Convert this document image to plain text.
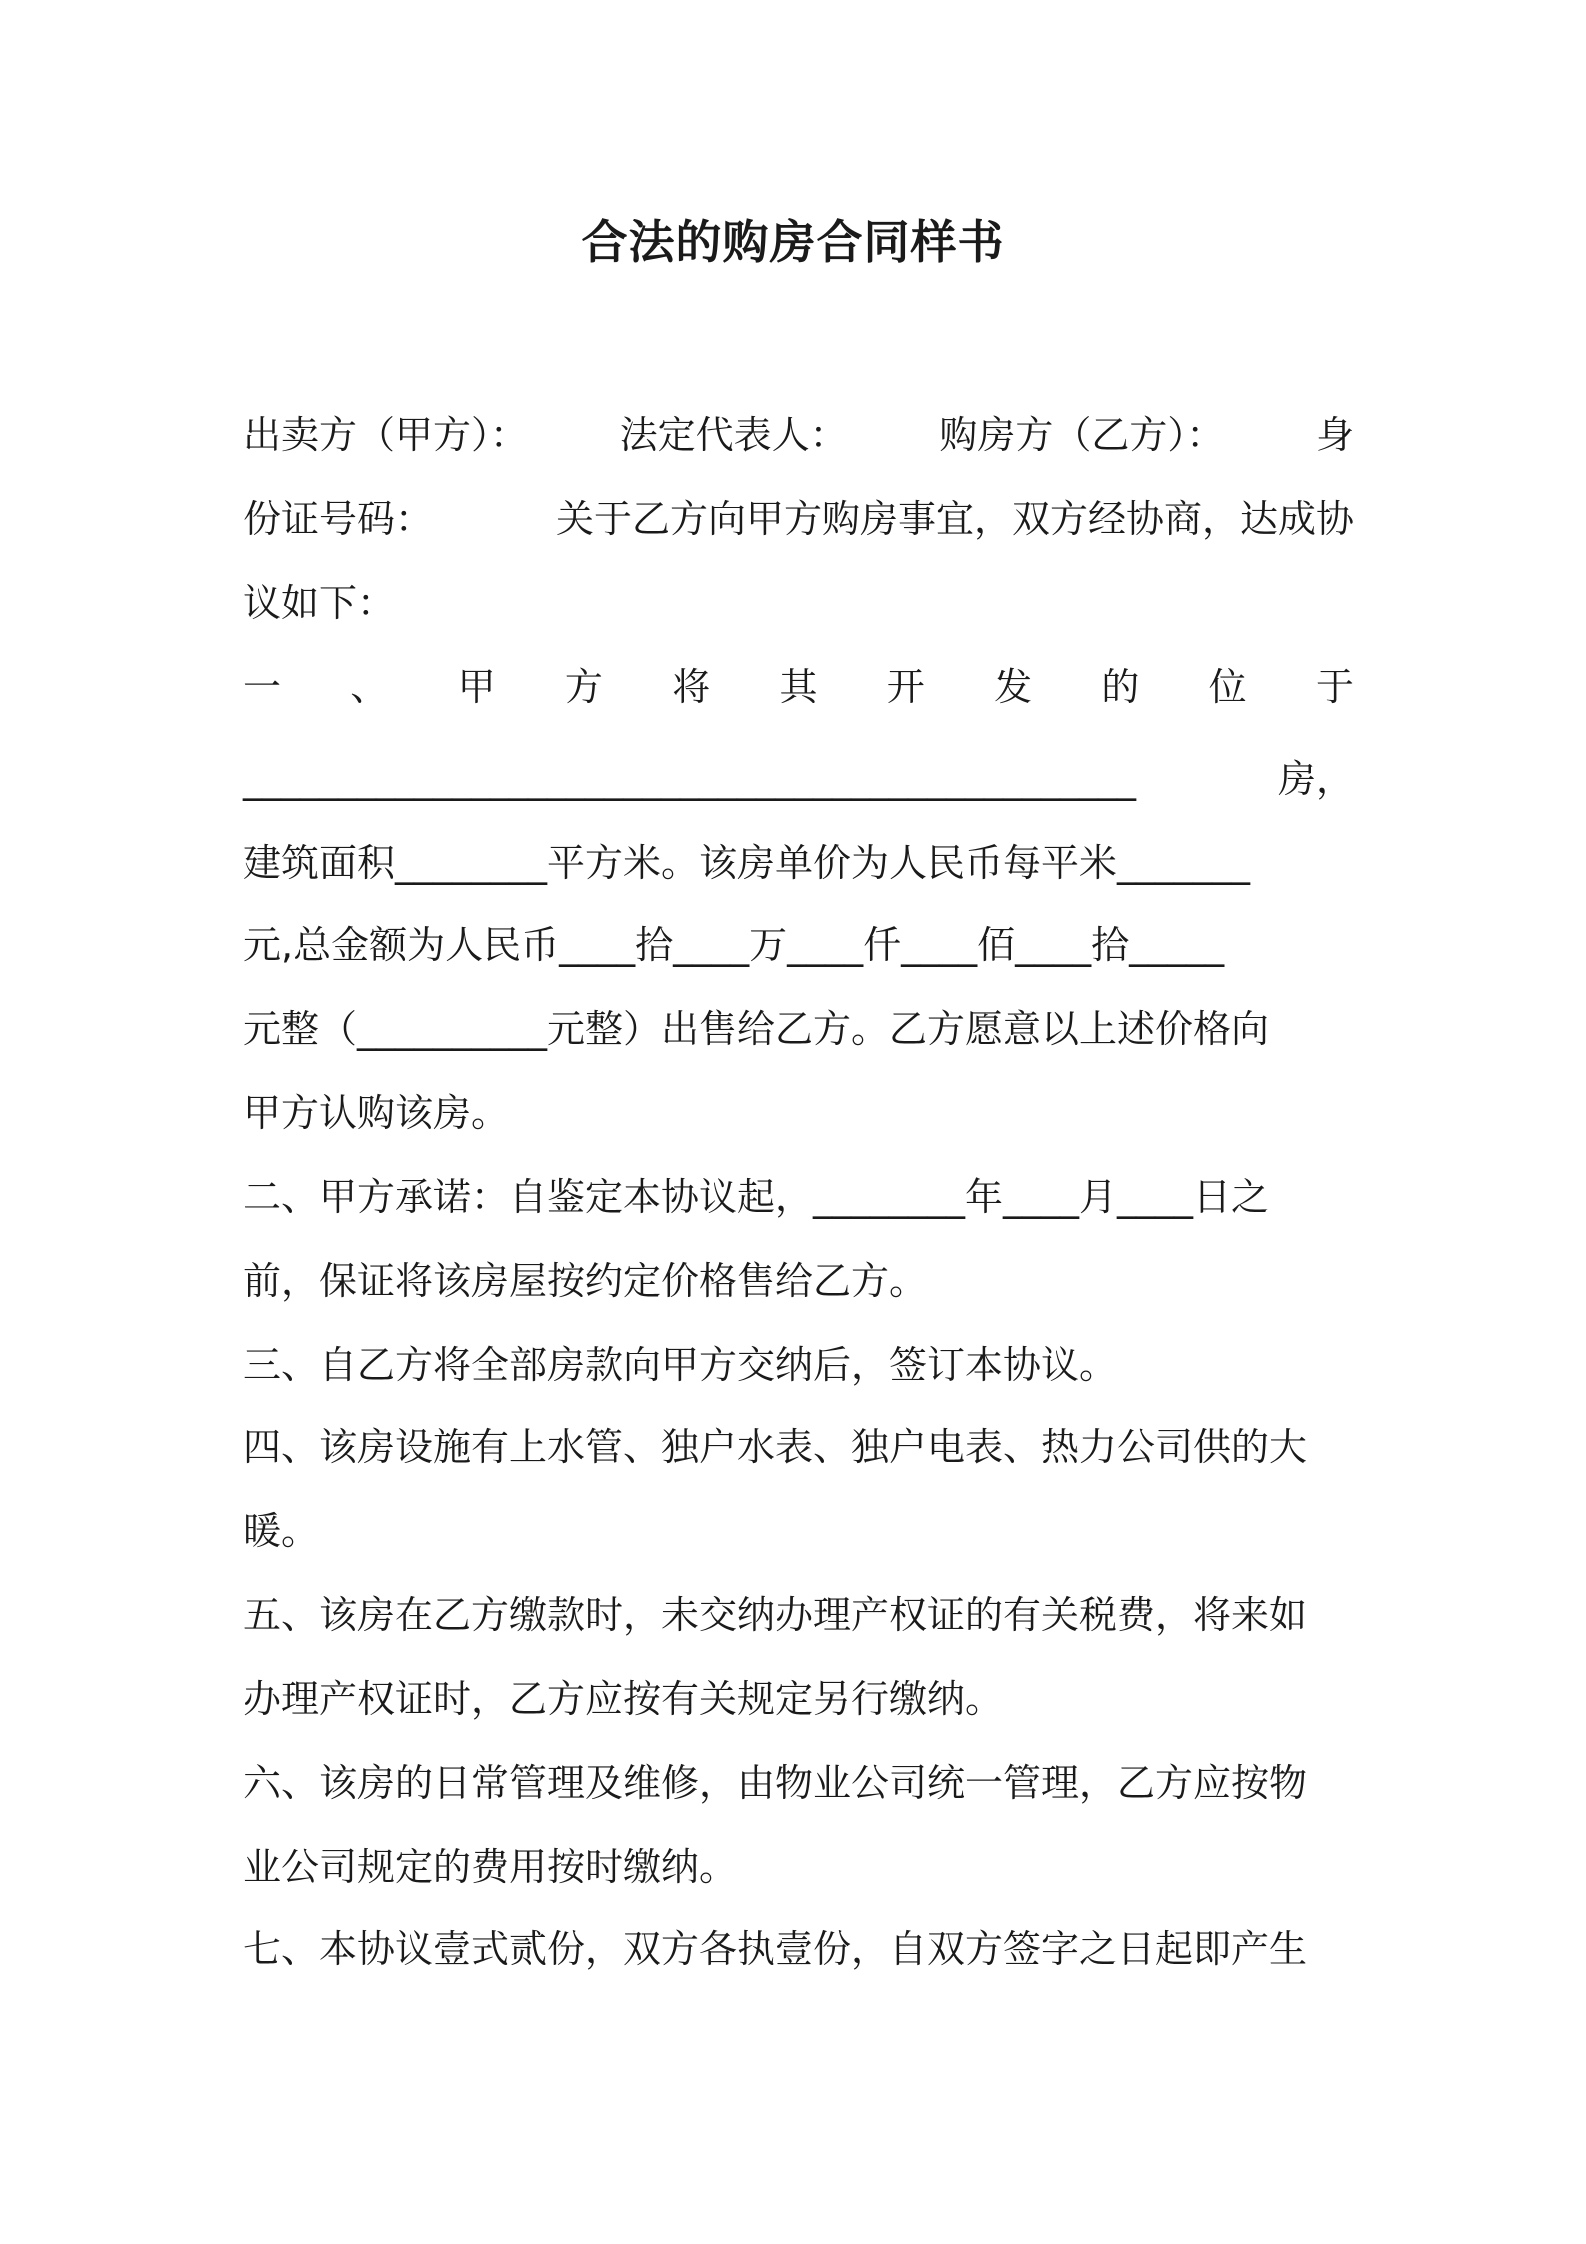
合法的购房合同样书
出卖方（甲方）： 法定代表人： 购房方（乙方）： 身
份证号码：	关于乙方向甲方购房事宜，双方经协商，达成协
议如下：
一 、 甲 方 将 其 开 发 的 位 于
_______________________________________________	房，
建筑面积________平方米。该房单价为人民币每平米_______
元,总金额为人民币____拾____万____仟____佰____拾_____
元整（__________元整）出售给乙方。乙方愿意以上述价格向
甲方认购该房。
二、甲方承诺：自鉴定本协议起，________年____月____日之
前，保证将该房屋按约定价格售给乙方。
三、自乙方将全部房款向甲方交纳后，签订本协议。
四、该房设施有上水管、独户水表、独户电表、热力公司供的大
暖。
五、该房在乙方缴款时，未交纳办理产权证的有关税费，将来如
办理产权证时，乙方应按有关规定另行缴纳。
六、该房的日常管理及维修，由物业公司统一管理，乙方应按物
业公司规定的费用按时缴纳。
七、本协议壹式贰份，双方各执壹份，自双方签字之日起即产生
